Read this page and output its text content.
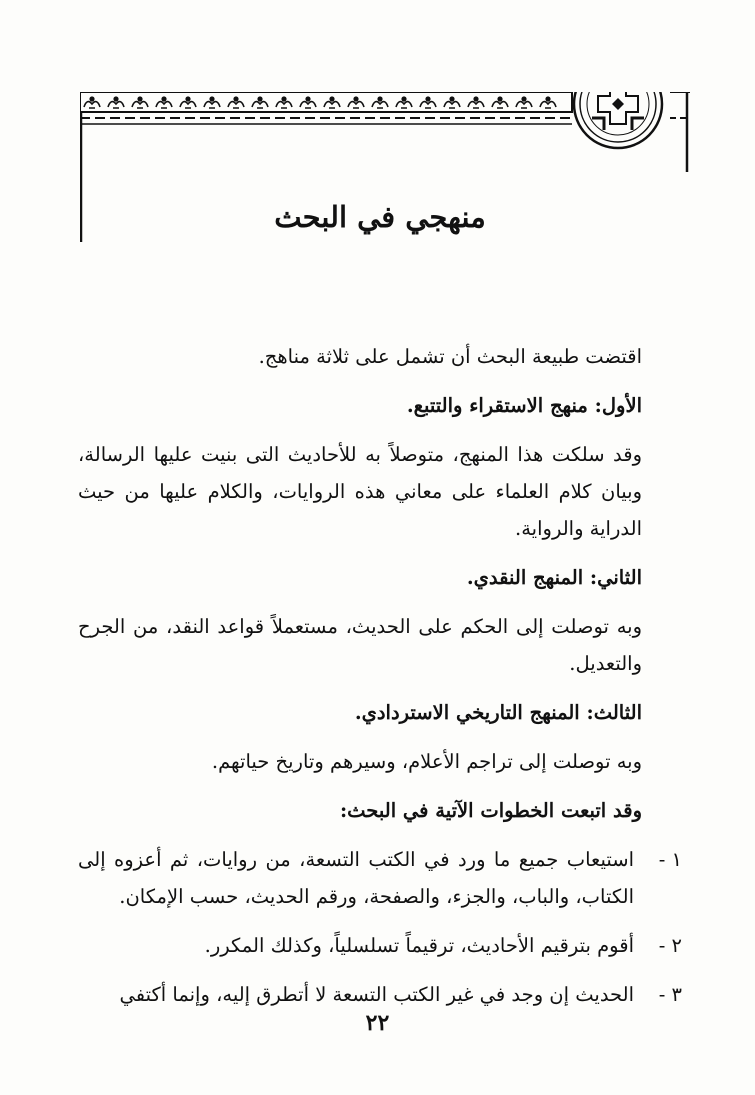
منهجي في البحث

اقتضت طبيعة البحث أن تشمل على ثلاثة مناهج.

الأول: منهج الاستقراء والتتبع.

وقد سلكت هذا المنهج، متوصلاً به للأحاديث التى بنيت عليها الرسالة، وبيان كلام العلماء على معاني هذه الروايات، والكلام عليها من حيث الدراية والرواية.

الثاني: المنهج النقدي.

وبه توصلت إلى الحكم على الحديث، مستعملاً قواعد النقد، من الجرح والتعديل.

الثالث: المنهج التاريخي الاستردادي.

وبه توصلت إلى تراجم الأعلام، وسيرهم وتاريخ حياتهم.

وقد اتبعت الخطوات الآتية في البحث:

١ -
استيعاب جميع ما ورد في الكتب التسعة، من روايات، ثم أعزوه إلى الكتاب، والباب، والجزء، والصفحة، ورقم الحديث، حسب الإمكان.
٢ -
أقوم بترقيم الأحاديث، ترقيماً تسلسلياً، وكذلك المكرر.
٣ -
الحديث إن وجد في غير الكتب التسعة لا أتطرق إليه، وإنما أكتفي
٢٢
